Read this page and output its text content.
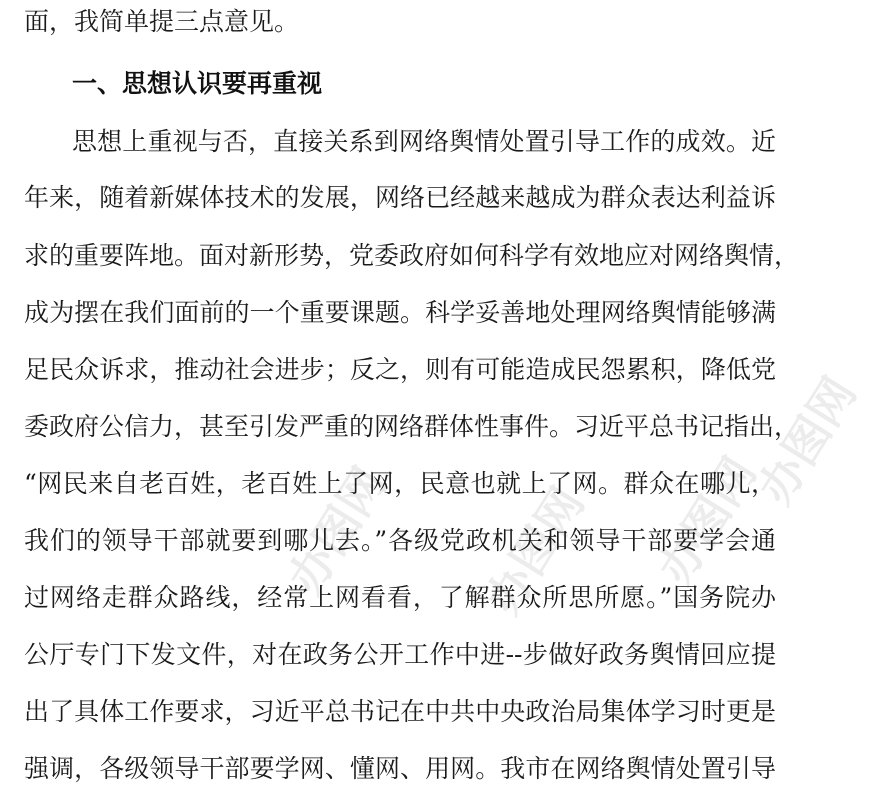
面，我简单提三点意见。
一、思想认识要再重视
思想上重视与否，直接关系到网络舆情处置引导工作的成效。近
年来，随着新媒体技术的发展，网络已经越来越成为群众表达利益诉
求的重要阵地。面对新形势，党委政府如何科学有效地应对网络舆情，
成为摆在我们面前的一个重要课题。科学妥善地处理网络舆情能够满
足民众诉求，推动社会进步；反之，则有可能造成民怨累积，降低党
委政府公信力，甚至引发严重的网络群体性事件。习近平总书记指出，
“网民来自老百姓，老百姓上了网，民意也就上了网。群众在哪儿，
我们的领导干部就要到哪儿去。”各级党政机关和领导干部要学会通
过网络走群众路线，经常上网看看，了解群众所思所愿。”国务院办
公厅专门下发文件，对在政务公开工作中进--步做好政务舆情回应提
出了具体工作要求，习近平总书记在中共中央政治局集体学习时更是
强调，各级领导干部要学网、懂网、用网。我市在网络舆情处置引导
办图网 办图网 办图网
办图网
